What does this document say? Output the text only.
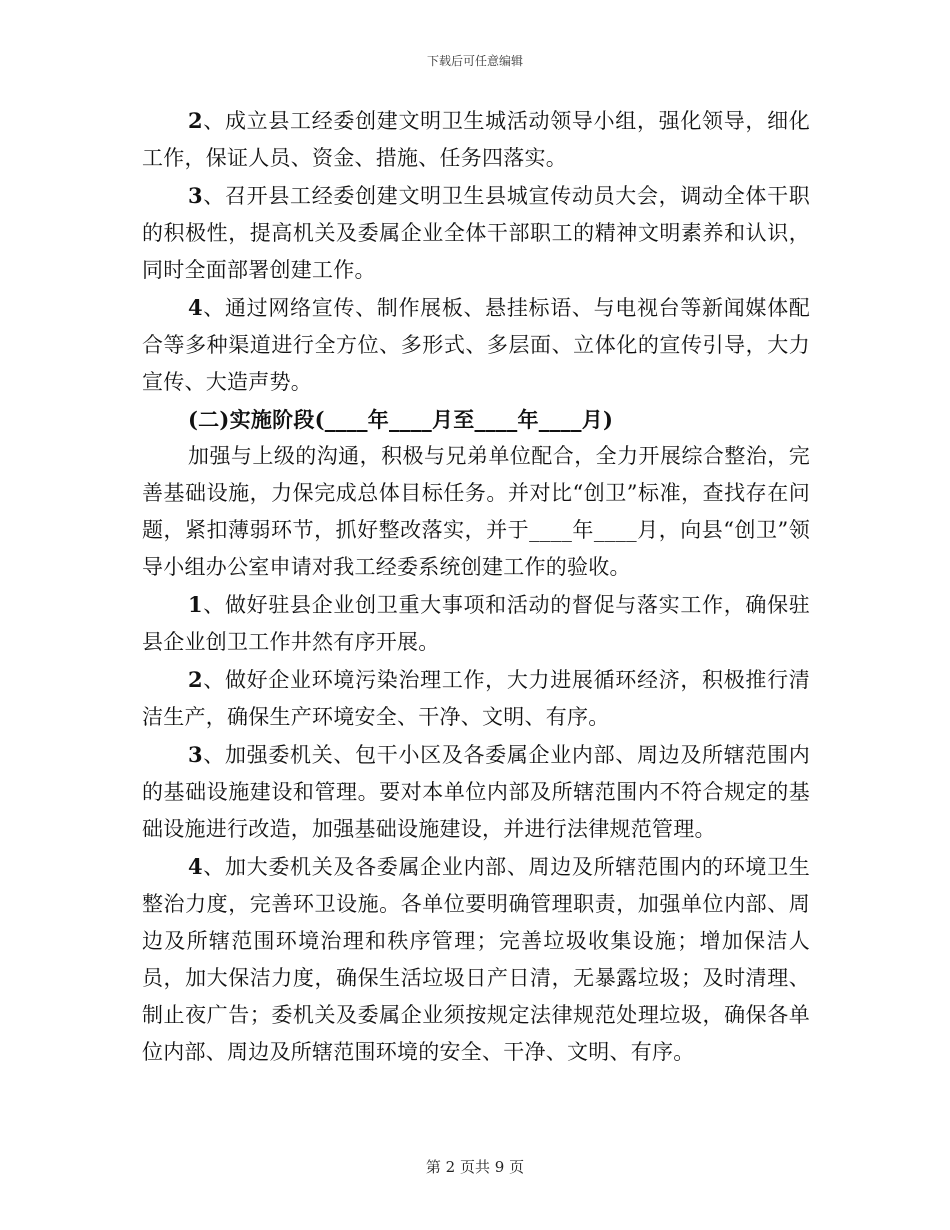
下载后可任意编辑

2、成立县工经委创建文明卫生城活动领导小组，强化领导，细化工作，保证人员、资金、措施、任务四落实。

3、召开县工经委创建文明卫生县城宣传动员大会，调动全体干职的积极性，提高机关及委属企业全体干部职工的精神文明素养和认识，同时全面部署创建工作。

4、通过网络宣传、制作展板、悬挂标语、与电视台等新闻媒体配合等多种渠道进行全方位、多形式、多层面、立体化的宣传引导，大力宣传、大造声势。

(二)实施阶段(____年____月至____年____月)

加强与上级的沟通，积极与兄弟单位配合，全力开展综合整治，完善基础设施，力保完成总体目标任务。并对比“创卫”标准，查找存在问题，紧扣薄弱环节，抓好整改落实，并于____年____月，向县“创卫”领导小组办公室申请对我工经委系统创建工作的验收。

1、做好驻县企业创卫重大事项和活动的督促与落实工作，确保驻县企业创卫工作井然有序开展。

2、做好企业环境污染治理工作，大力进展循环经济，积极推行清洁生产，确保生产环境安全、干净、文明、有序。

3、加强委机关、包干小区及各委属企业内部、周边及所辖范围内的基础设施建设和管理。要对本单位内部及所辖范围内不符合规定的基础设施进行改造，加强基础设施建设，并进行法律规范管理。

4、加大委机关及各委属企业内部、周边及所辖范围内的环境卫生整治力度，完善环卫设施。各单位要明确管理职责，加强单位内部、周边及所辖范围环境治理和秩序管理；完善垃圾收集设施；增加保洁人员，加大保洁力度，确保生活垃圾日产日清，无暴露垃圾；及时清理、制止夜广告；委机关及委属企业须按规定法律规范处理垃圾，确保各单位内部、周边及所辖范围环境的安全、干净、文明、有序。

第 2 页共 9 页
